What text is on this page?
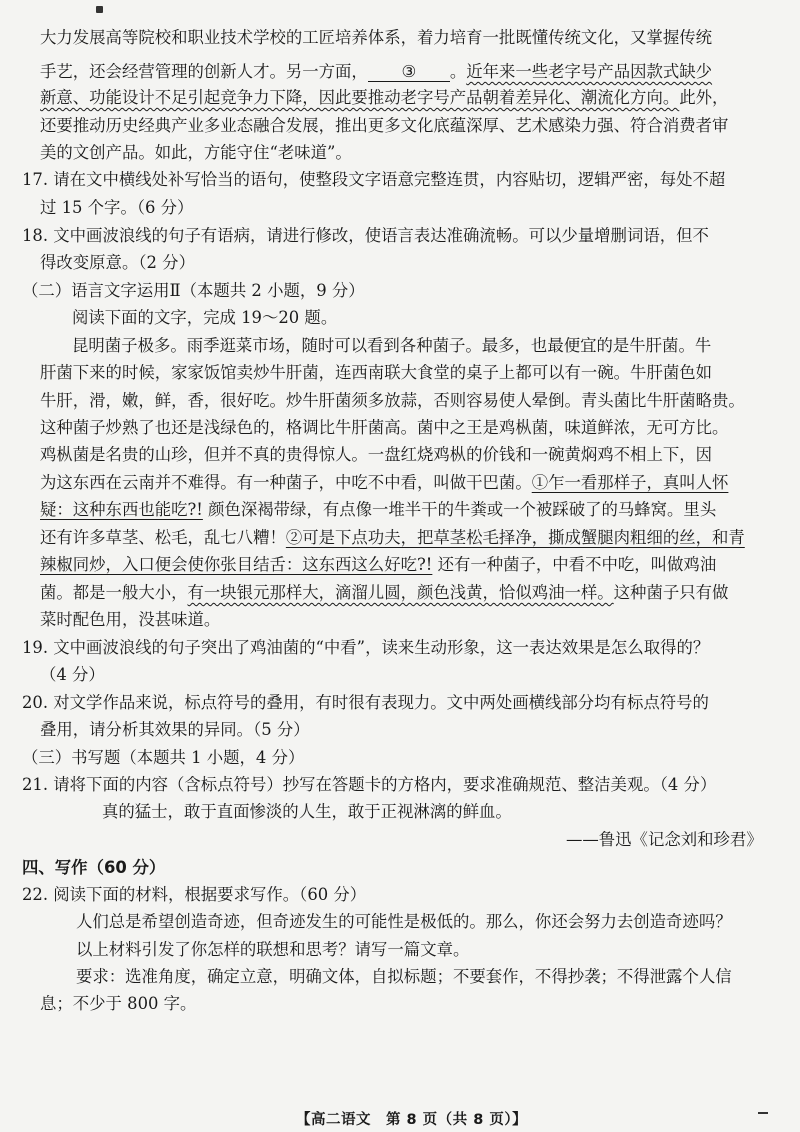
大力发展高等院校和职业技术学校的工匠培养体系，着力培育一批既懂传统文化，又掌握传统

手艺，还会经营管理的创新人才。另一方面， ③ 。近年来一些老字号产品因款式缺少

新意、功能设计不足引起竞争力下降，因此要推动老字号产品朝着差异化、潮流化方向。此外，

还要推动历史经典产业多业态融合发展，推出更多文化底蕴深厚、艺术感染力强、符合消费者审

美的文创产品。如此，方能守住“老味道”。

17. 请在文中横线处补写恰当的语句，使整段文字语意完整连贯，内容贴切，逻辑严密，每处不超

过 15 个字。（6 分）

18. 文中画波浪线的句子有语病，请进行修改，使语言表达准确流畅。可以少量增删词语，但不

得改变原意。（2 分）

（二）语言文字运用Ⅱ（本题共 2 小题，9 分）

阅读下面的文字，完成 19～20 题。

昆明菌子极多。雨季逛菜市场，随时可以看到各种菌子。最多，也最便宜的是牛肝菌。牛

肝菌下来的时候，家家饭馆卖炒牛肝菌，连西南联大食堂的桌子上都可以有一碗。牛肝菌色如

牛肝，滑，嫩，鲜，香，很好吃。炒牛肝菌须多放蒜，否则容易使人晕倒。青头菌比牛肝菌略贵。

这种菌子炒熟了也还是浅绿色的，格调比牛肝菌高。菌中之王是鸡枞菌，味道鲜浓，无可方比。

鸡枞菌是名贵的山珍，但并不真的贵得惊人。一盘红烧鸡枞的价钱和一碗黄焖鸡不相上下，因

为这东西在云南并不难得。有一种菌子，中吃不中看，叫做干巴菌。①乍一看那样子，真叫人怀

疑：这种东西也能吃?! 颜色深褐带绿，有点像一堆半干的牛粪或一个被踩破了的马蜂窝。里头

还有许多草茎、松毛，乱七八糟！②可是下点功夫，把草茎松毛择净，撕成蟹腿肉粗细的丝，和青

辣椒同炒，入口便会使你张目结舌：这东西这么好吃?! 还有一种菌子，中看不中吃，叫做鸡油

菌。都是一般大小，有一块银元那样大，滴溜儿圆，颜色浅黄，恰似鸡油一样。这种菌子只有做

菜时配色用，没甚味道。

19. 文中画波浪线的句子突出了鸡油菌的“中看”，读来生动形象，这一表达效果是怎么取得的？

（4 分）

20. 对文学作品来说，标点符号的叠用，有时很有表现力。文中两处画横线部分均有标点符号的

叠用，请分析其效果的异同。（5 分）

（三）书写题（本题共 1 小题，4 分）

21. 请将下面的内容（含标点符号）抄写在答题卡的方格内，要求准确规范、整洁美观。（4 分）

真的猛士，敢于直面惨淡的人生，敢于正视淋漓的鲜血。

——鲁迅《记念刘和珍君》

四、写作（60 分）

22. 阅读下面的材料，根据要求写作。（60 分）

人们总是希望创造奇迹，但奇迹发生的可能性是极低的。那么，你还会努力去创造奇迹吗？

以上材料引发了你怎样的联想和思考？请写一篇文章。

要求：选准角度，确定立意，明确文体，自拟标题；不要套作，不得抄袭；不得泄露个人信

息；不少于 800 字。

【高二语文　第 8 页（共 8 页）】
